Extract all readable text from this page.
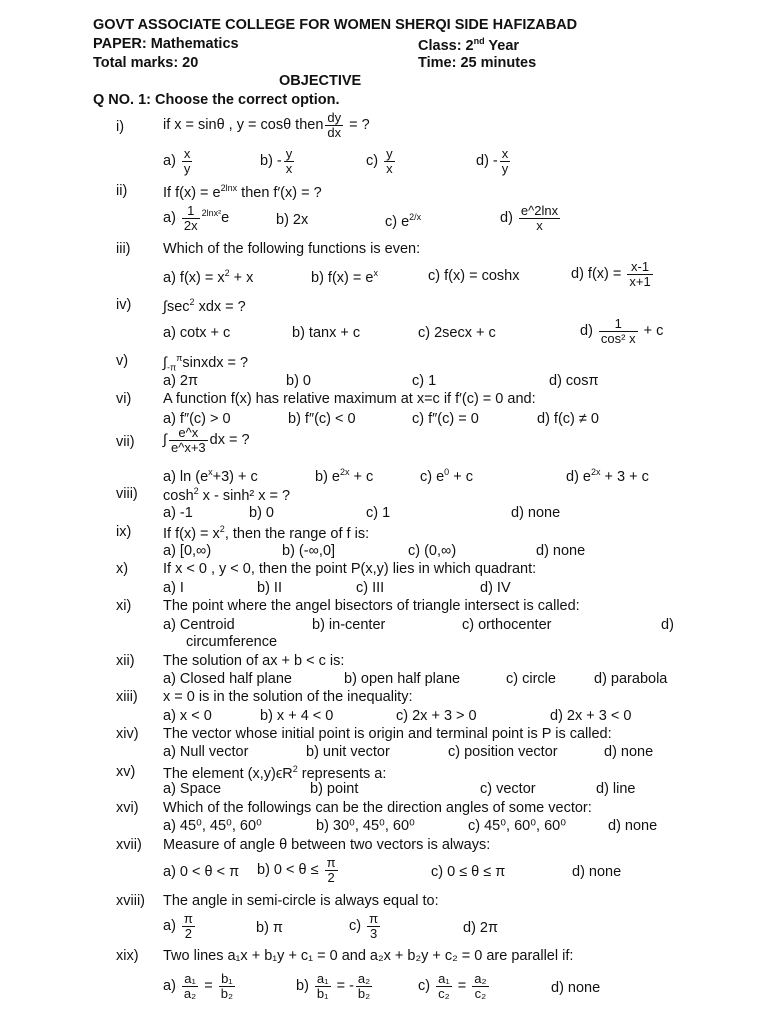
GOVT ASSOCIATE COLLEGE FOR WOMEN SHERQI SIDE HAFIZABAD
PAPER: Mathematics	Class: 2nd Year
Total marks: 20	Time: 25 minutes
OBJECTIVE
Q NO. 1: Choose the correct option.
i)	if x = sinθ , y = cosθ then $\frac{dy}{dx}$ = ?
$a) \frac{x}{y}$	$b) - \frac{y}{x}$	$c) \frac{y}{x}$	$d) - \frac{x}{y}$
ii) If $f(x) = e^{2lnx}$ then f′(x) = ?
$a) \frac{1}{2x} ^{2lnx^2}e$	b) 2x	c) $e^{2/x}$	$d) \frac{e\^{}2\ln x}{x}$
iii) Which of the following functions is even:
a) $f(x) = x^2 + x$	b) $f(x) = e^x$	c) f(x) = coshx	d) $f(x) = \frac{x-1}{x+1}$
iv) $\int\sec^2$ xdx = ?
a) cotx + c	b) tanx + c	c) 2secx + c	$d) \frac{1}{\text{cos² x}} + c$
v) $\int_{-\pi}^\pi sinxdx$ = ?
a) 2π	b) 0	c) 1	d) cosπ
vi) A function f(x) has relative maximum at x=c if f′(c) = 0 and:
a) f″(c) > 0	b) f″(c) < 0	c) f″(c) = 0	d) f(c) ≠ 0
vii) ∫ $\frac{e\^{}x}{e\^{}x+3}$ dx = ?
a) $\ln (e^x+3) + c$	b) $e^{2x} + c$	c) $e^0 + c$	d) $e^{2x} + 3 + c$
viii) $\cosh^2 x - \sinh^2$ x = ?
a) -1	b) 0	c) 1	d) none
ix) If $f(x) = x^2$, then the range of f is:
a) [0,∞)	b) (-∞,0]	c) (0,∞)	d) none
x) If x < 0 , y < 0, then the point P(x,y) lies in which quadrant:
a) I	b) II	c) III	d) IV
xi) The point where the angel bisectors of triangle intersect is called:
a) Centroid	b) in-center	c) orthocenter	d)
circumference
xii) The solution of ax + b < c is:
a) Closed half plane	b) open half plane	c) circle	d) parabola
xiii) x = 0 is in the solution of the inequality:
a) x < 0	b) x + 4 < 0	c) 2x + 3 > 0	d) 2x + 3 < 0
xiv) The vector whose initial point is origin and terminal point is P is called:
a) Null vector	b) unit vector	c) position vector	d) none
xv) The element $(x,y)\epsilon R^2$ represents a:
a) Space	b) point	c) vector	d) line
xvi) Which of the followings can be the direction angles of some vector:
a) 45⁰, 45⁰, 60⁰	b) 30⁰, 45⁰, 60⁰	c) 45⁰, 60⁰, 60⁰	d) none
xvii) Measure of angle θ between two vectors is always:
a) 0 < θ < π b) $0 < \theta \le \frac{\pi}{2}$	c) 0 ≤ θ ≤ π	d) none
xviii) The angle in semi-circle is always equal to:
$a) \frac{\pi}{2}$	b) π	$c) \frac{\pi}{3}$	d) 2π
xix) Two lines a₁x + b₁y + c₁ = 0 and a₂x + b₂y + c₂ = 0 are parallel if:
$a) \frac{\text{a₁}}{\text{a₂}} = \frac{\text{b₁}}{\text{b₂}}$	$b) \frac{\text{a₁}}{\text{b₁}}$ = - $\frac{\text{a₂}}{\text{b₂}}$	$c) \frac{\text{a₁}}{\text{c₂}} = \frac{\text{a₂}}{\text{c₂}}$	d) none
